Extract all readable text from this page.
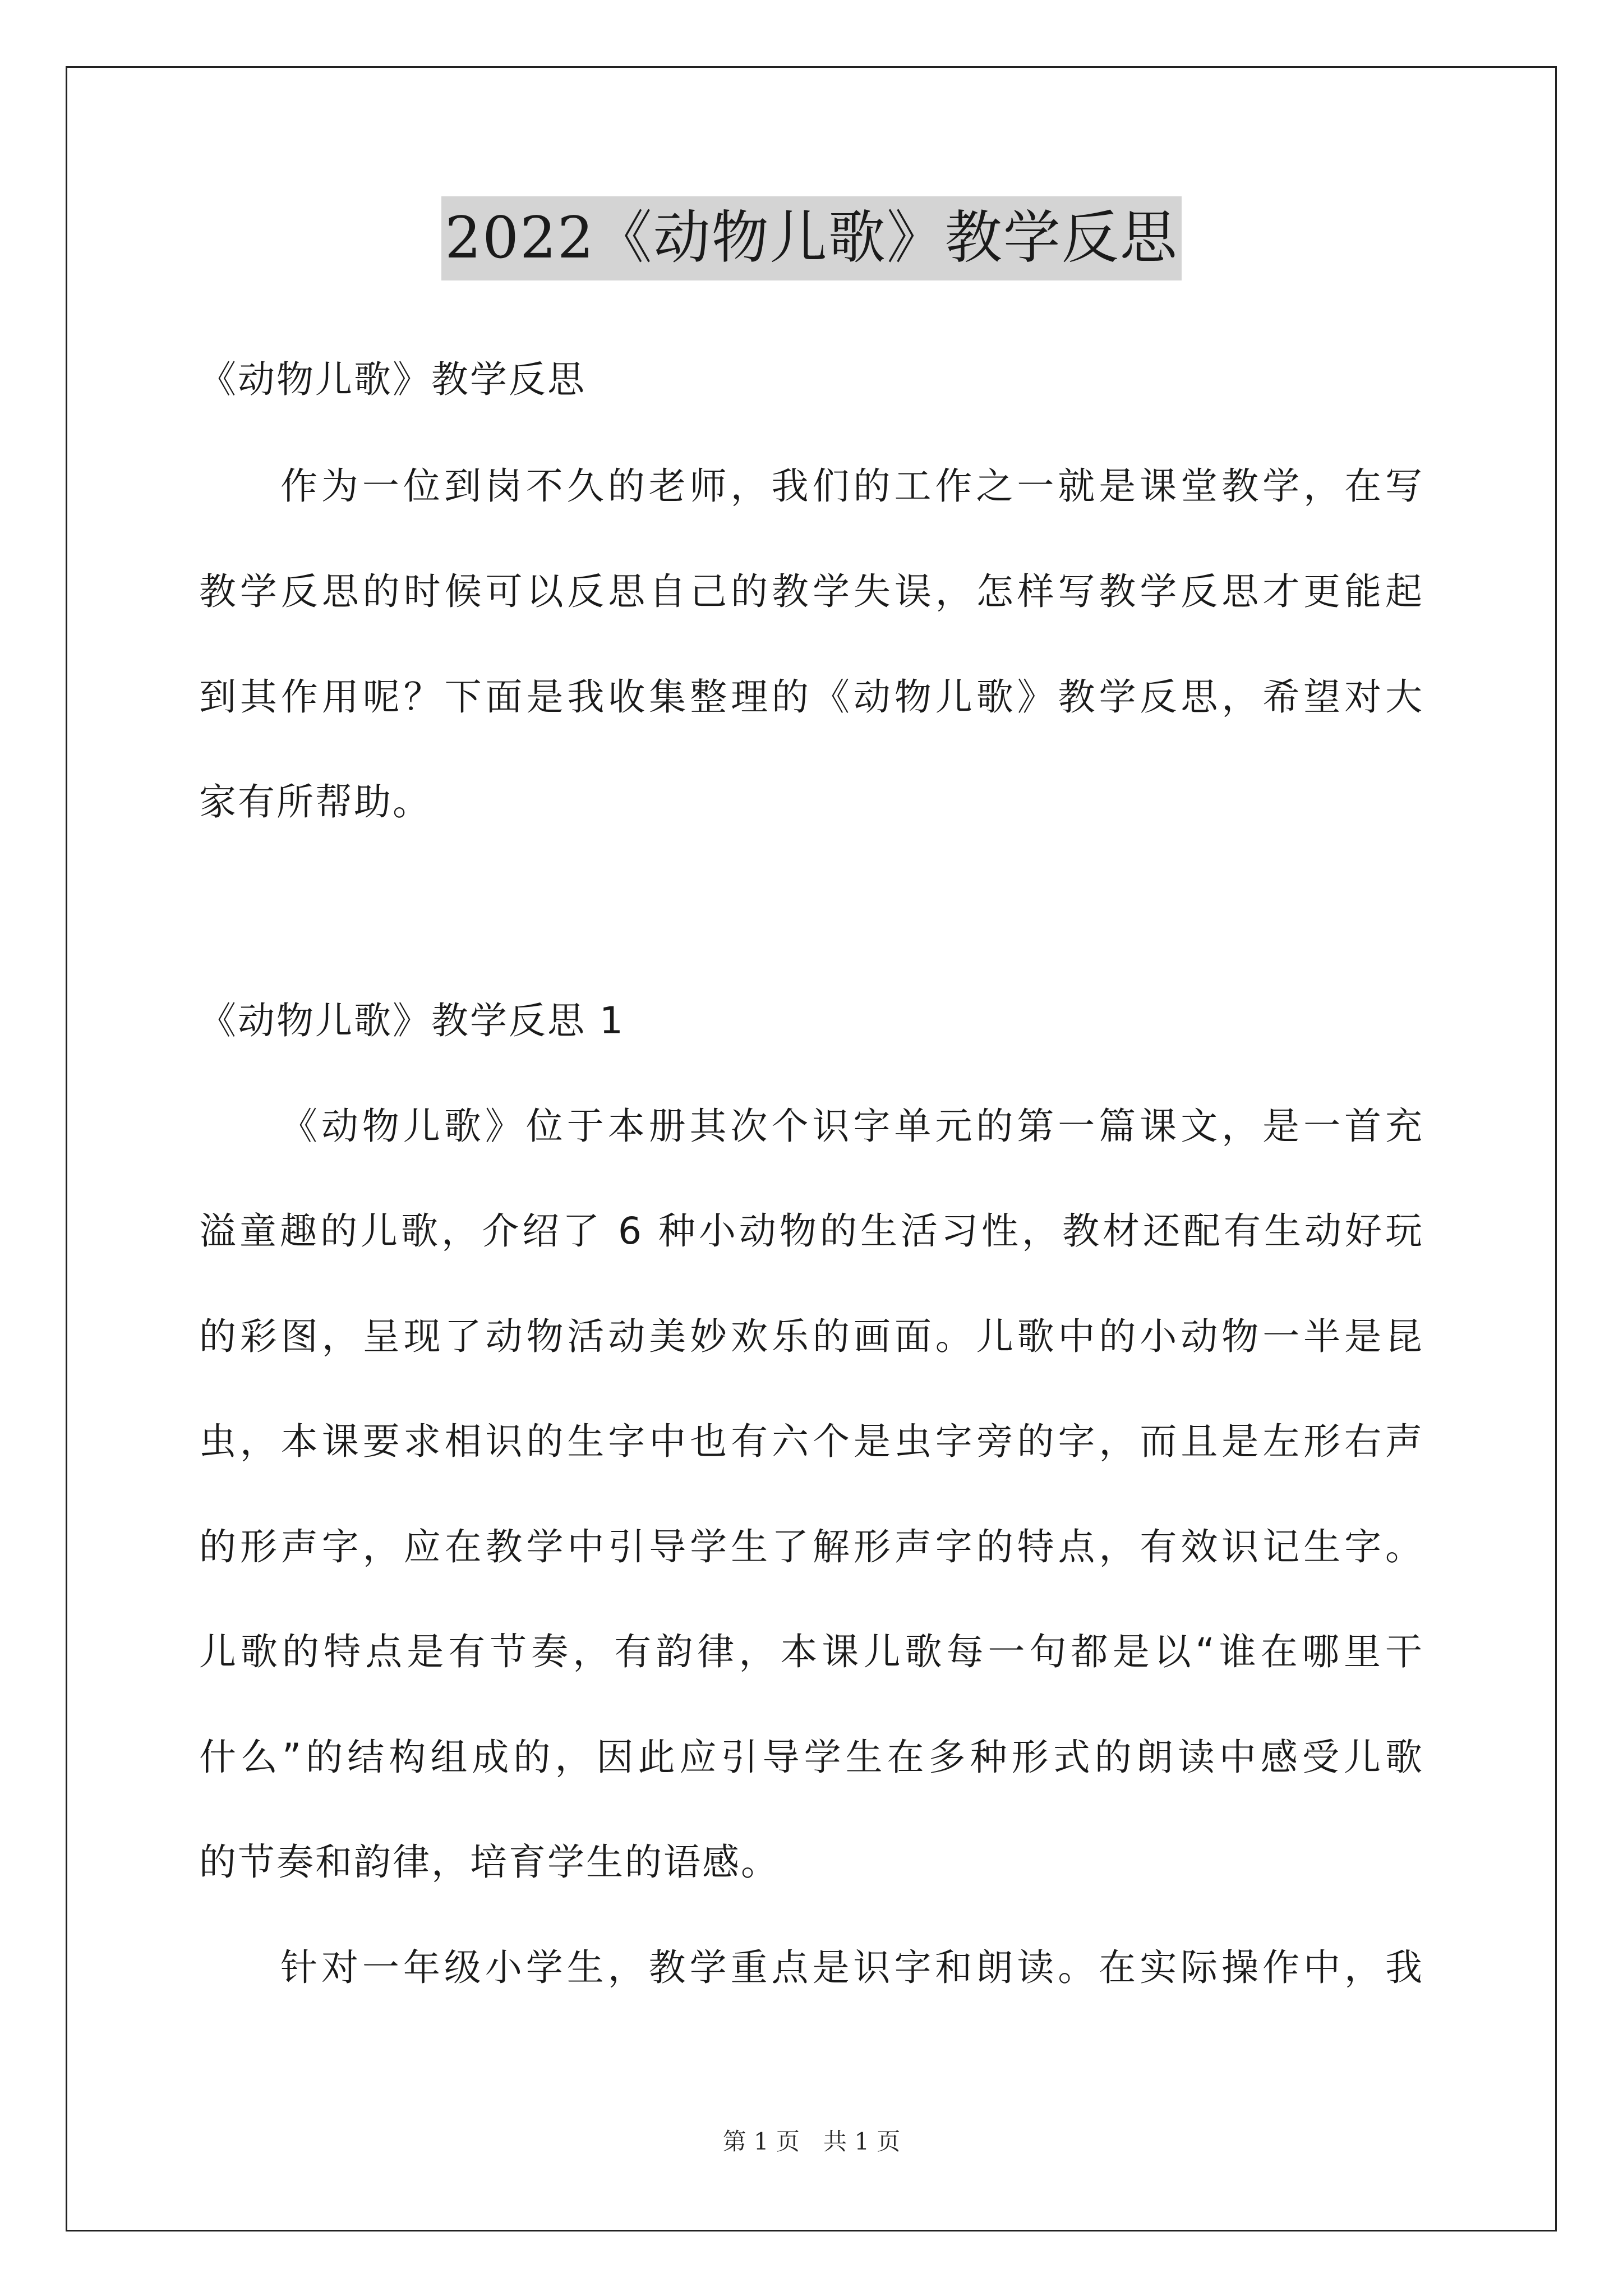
2022《动物儿歌》教学反思
《动物儿歌》教学反思
作为一位到岗不久的老师，我们的工作之一就是课堂教学，在写
教学反思的时候可以反思自己的教学失误，怎样写教学反思才更能起
到其作用呢？下面是我收集整理的《动物儿歌》教学反思，希望对大
家有所帮助。
《动物儿歌》教学反思 1
《动物儿歌》位于本册其次个识字单元的第一篇课文，是一首充
溢童趣的儿歌，介绍了 6 种小动物的生活习性，教材还配有生动好玩
的彩图，呈现了动物活动美妙欢乐的画面。儿歌中的小动物一半是昆
虫，本课要求相识的生字中也有六个是虫字旁的字，而且是左形右声
的形声字，应在教学中引导学生了解形声字的特点，有效识记生字。
儿歌的特点是有节奏，有韵律，本课儿歌每一句都是以“谁在哪里干
什么”的结构组成的，因此应引导学生在多种形式的朗读中感受儿歌
的节奏和韵律，培育学生的语感。
针对一年级小学生，教学重点是识字和朗读。在实际操作中，我
第 1 页　共 1 页
